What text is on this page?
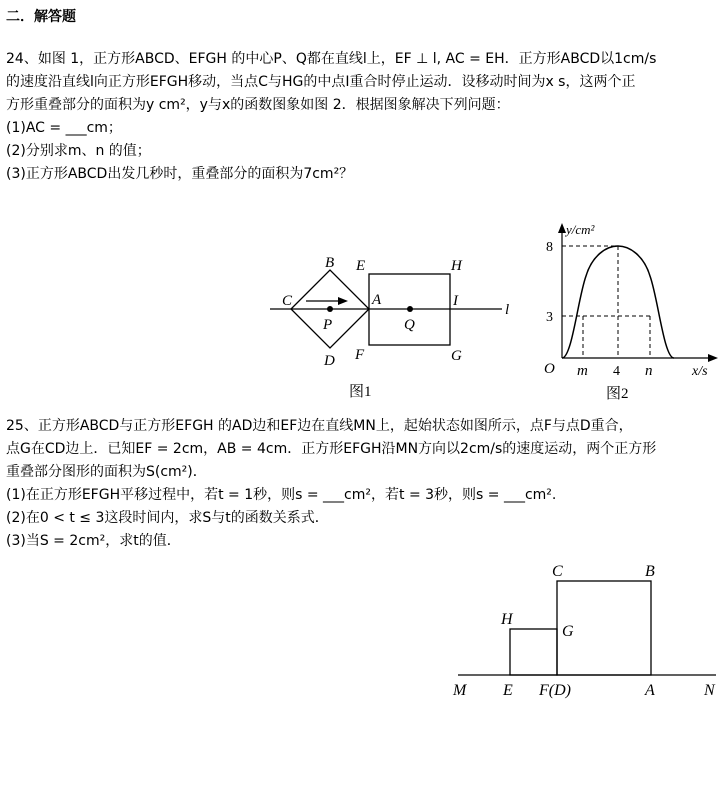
二．解答题
24、如图 1，正方形ABCD、EFGH 的中心P、Q都在直线l上，EF ⊥ l, AC = EH．正方形ABCD以1cm/s
的速度沿直线l向正方形EFGH移动，当点C与HG的中点I重合时停止运动．设移动时间为x s，这两个正
方形重叠部分的面积为y cm²，y与x的函数图象如图 2．根据图象解决下列问题：
(1)AC = ___cm；
(2)分别求m、n 的值；
(3)正方形ABCD出发几秒时，重叠部分的面积为7cm²？
B
C
D
P
A
E
F
H
G
Q
I
l
图1
y/cm²
8
3
O m 4 n	x/s
图2
25、正方形ABCD与正方形EFGH 的AD边和EF边在直线MN上，起始状态如图所示，点F与点D重合，
点G在CD边上．已知EF = 2cm，AB = 4cm．正方形EFGH沿MN方向以2cm/s的速度运动，两个正方形
重叠部分图形的面积为S(cm²)．
(1)在正方形EFGH平移过程中，若t = 1秒，则s = ___cm²，若t = 3秒，则s = ___cm².
(2)在0 < t ≤ 3这段时间内，求S与t的函数关系式．
(3)当S = 2cm²，求t的值．
C	B
H
G
M E F(D)	A	N
